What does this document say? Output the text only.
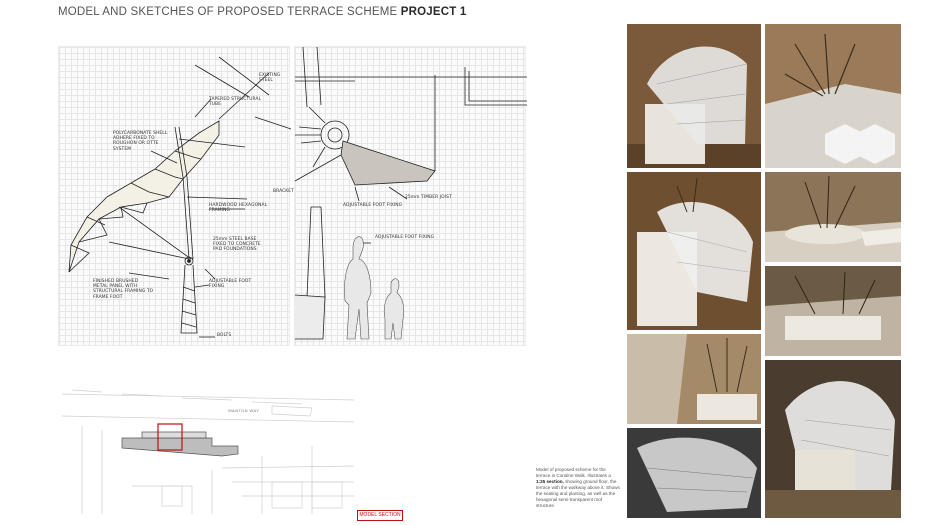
MODEL AND SKETCHES OF PROPOSED TERRACE SCHEME PROJECT 1
POLYCARBONATE SHELL
ADHERE FIXED TO
ROUGHON OR OTTE
SYSTEM
TAPERED STRUCTURAL
TUBE
HARDWOOD HEXAGONAL
FRAMING
25mm STEEL BASE
FIXED TO CONCRETE
PAD FOUNDATIONS
ADJUSTABLE FOOT
FIXING
FINISHED BRUSHED
METAL PANEL WITH
STRUCTURAL FRAMING TO
FRAME FOOT
BOLTS
EXISTING
STEEL
BRACKET
ADJUSTABLE FOOT FIXING
25mm TIMBER JOIST
ADJUSTABLE FOOT FIXING
WANTON WAY
MODEL SECTION
Model of proposed scheme for the terrace in Coraline Walk. Illustrates a 1:25 section, showing ground floor, the terrace with the walkway above it. Shows the seating and planting, as well as the hexagonal semi-transparent roof structure.
